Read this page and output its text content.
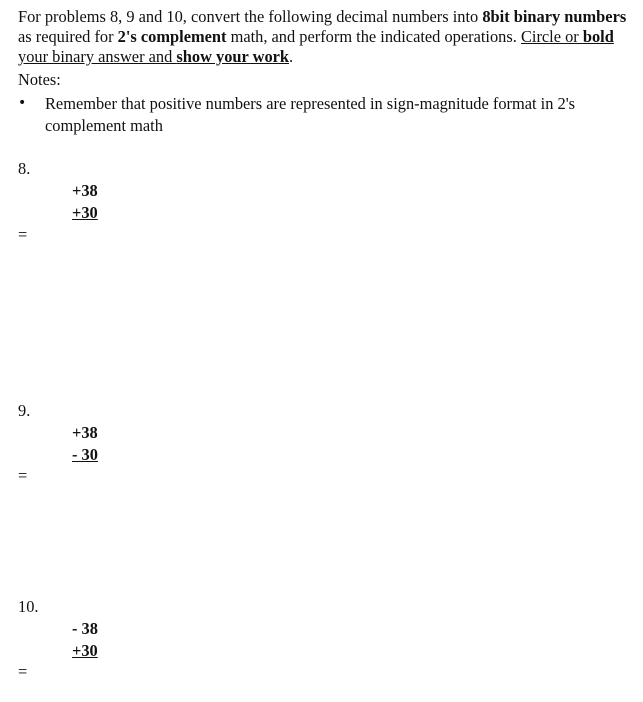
For problems 8, 9 and 10, convert the following decimal numbers into 8bit binary numbers as required for 2's complement math, and perform the indicated operations. Circle or bold your binary answer and show your work.

Notes:
• Remember that positive numbers are represented in sign-magnitude format in 2's complement math
8.
+38
+30
=
9.
+38
- 30
=
10.
- 38
+30
=
